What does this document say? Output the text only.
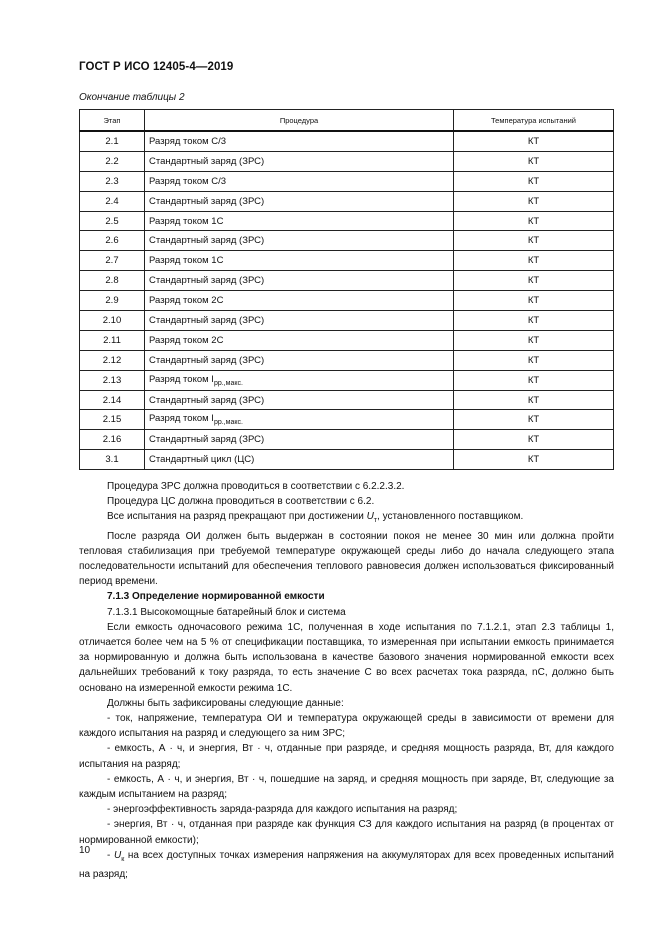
ГОСТ Р ИСО 12405-4—2019
Окончание таблицы 2
Этап	Процедура	Температура испытаний
2.1	Разряд током C/3	КТ
2.2	Стандартный заряд (ЗРС)	КТ
2.3	Разряд током C/3	КТ
2.4	Стандартный заряд (ЗРС)	КТ
2.5	Разряд током 1C	КТ
2.6	Стандартный заряд (ЗРС)	КТ
2.7	Разряд током 1C	КТ
2.8	Стандартный заряд (ЗРС)	КТ
2.9	Разряд током 2C	КТ
2.10	Стандартный заряд (ЗРС)	КТ
2.11	Разряд током 2C	КТ
2.12	Стандартный заряд (ЗРС)	КТ
2.13	Разряд током $I_{рр.,макс.}$	КТ
2.14	Стандартный заряд (ЗРС)	КТ
2.15	Разряд током $I_{рр.,макс.}$	КТ
2.16	Стандартный заряд (ЗРС)	КТ
3.1	Стандартный цикл (ЦС)	КТ

Процедура ЗРС должна проводиться в соответствии с 6.2.2.3.2.

Процедура ЦС должна проводиться в соответствии с 6.2.

Все испытания на разряд прекращают при достижении $U_т$, установленного поставщиком.

После разряда ОИ должен быть выдержан в состоянии покоя не менее 30 мин или должна пройти тепловая стабилизация при требуемой температуре окружающей среды либо до начала следующего этапа последовательности испытаний для обеспечения теплового равновесия должен использоваться фиксированный период времени.

7.1.3 Определение нормированной емкости

7.1.3.1 Высокомощные батарейный блок и система

Если емкость одночасового режима 1C, полученная в ходе испытания по 7.1.2.1, этап 2.3 таблицы 1, отличается более чем на 5 % от спецификации поставщика, то измеренная при испытании емкость принимается за нормированную и должна быть использована в качестве базового значения нормированной емкости всех дальнейших требований к току разряда, то есть значение C во всех расчетах тока разряда, nC, должно быть основано на измеренной емкости режима 1C.

Должны быть зафиксированы следующие данные:

- ток, напряжение, температура ОИ и температура окружающей среды в зависимости от времени для каждого испытания на разряд и следующего за ним ЗРС;

- емкость, А · ч, и энергия, Вт · ч, отданные при разряде, и средняя мощность разряда, Вт, для каждого испытания на разряд;

- емкость, А · ч, и энергия, Вт · ч, пошедшие на заряд, и средняя мощность при заряде, Вт, следующие за каждым испытанием на разряд;

- энергоэффективность заряда-разряда для каждого испытания на разряд;

- энергия, Вт · ч, отданная при разряде как функция СЗ для каждого испытания на разряд (в процентах от нормированной емкости);

- $U_к$ на всех доступных точках измерения напряжения на аккумуляторах для всех проведенных испытаний на разряд;

10
